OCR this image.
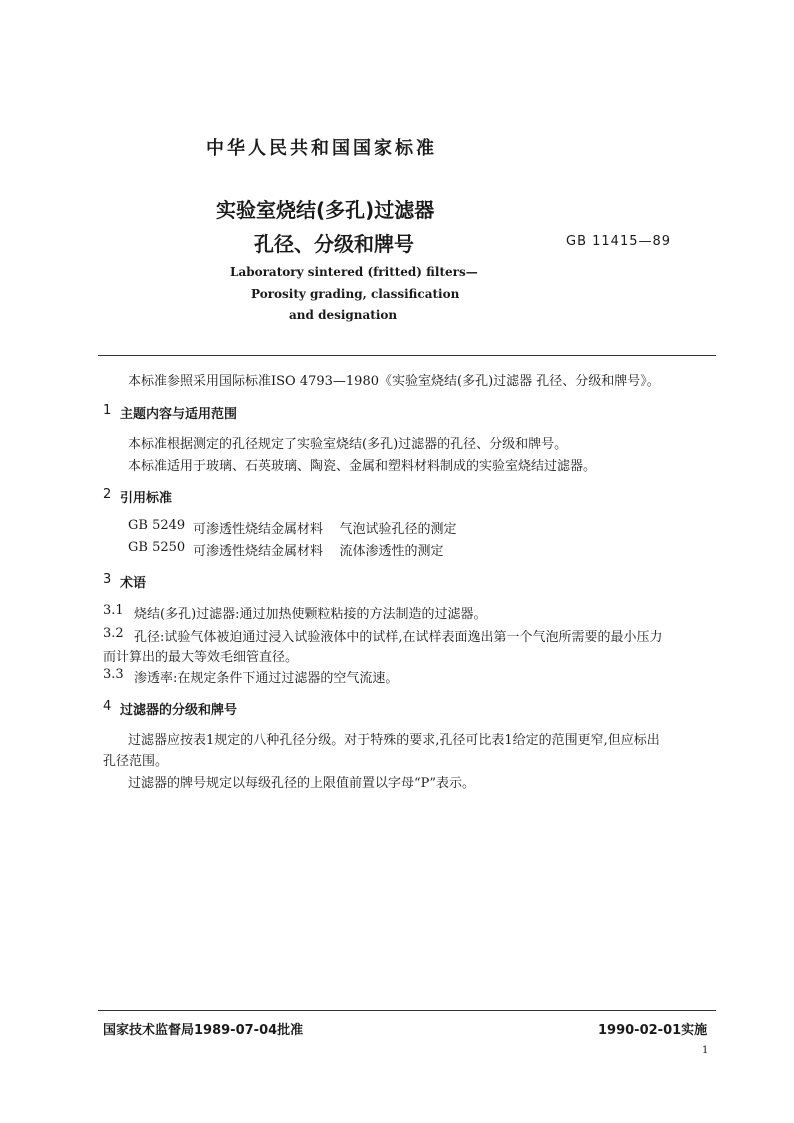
中华人民共和国国家标准
实验室烧结(多孔)过滤器
孔径、分级和牌号	GB 11415—89
Laboratory sintered (fritted) filters—
Porosity grading, classification
and designation
本标准参照采用国际标准ISO 4793—1980《实验室烧结(多孔)过滤器 孔径、分级和牌号》。
1 主题内容与适用范围
本标准根据测定的孔径规定了实验室烧结(多孔)过滤器的孔径、分级和牌号。
本标准适用于玻璃、石英玻璃、陶瓷、金属和塑料材料制成的实验室烧结过滤器。
2 引用标准
GB 5249 可渗透性烧结金属材料    气泡试验孔径的测定
GB 5250 可渗透性烧结金属材料    流体渗透性的测定
3 术语
3.1 烧结(多孔)过滤器:通过加热使颗粒粘接的方法制造的过滤器。
3.2 孔径:试验气体被迫通过浸入试验液体中的试样,在试样表面逸出第一个气泡所需要的最小压力
而计算出的最大等效毛细管直径。
3.3 渗透率:在规定条件下通过过滤器的空气流速。
4 过滤器的分级和牌号
过滤器应按表1规定的八种孔径分级。对于特殊的要求,孔径可比表1给定的范围更窄,但应标出
孔径范围。
过滤器的牌号规定以每级孔径的上限值前置以字母“P”表示。
国家技术监督局1989-07-04批准	1990-02-01实施
1
